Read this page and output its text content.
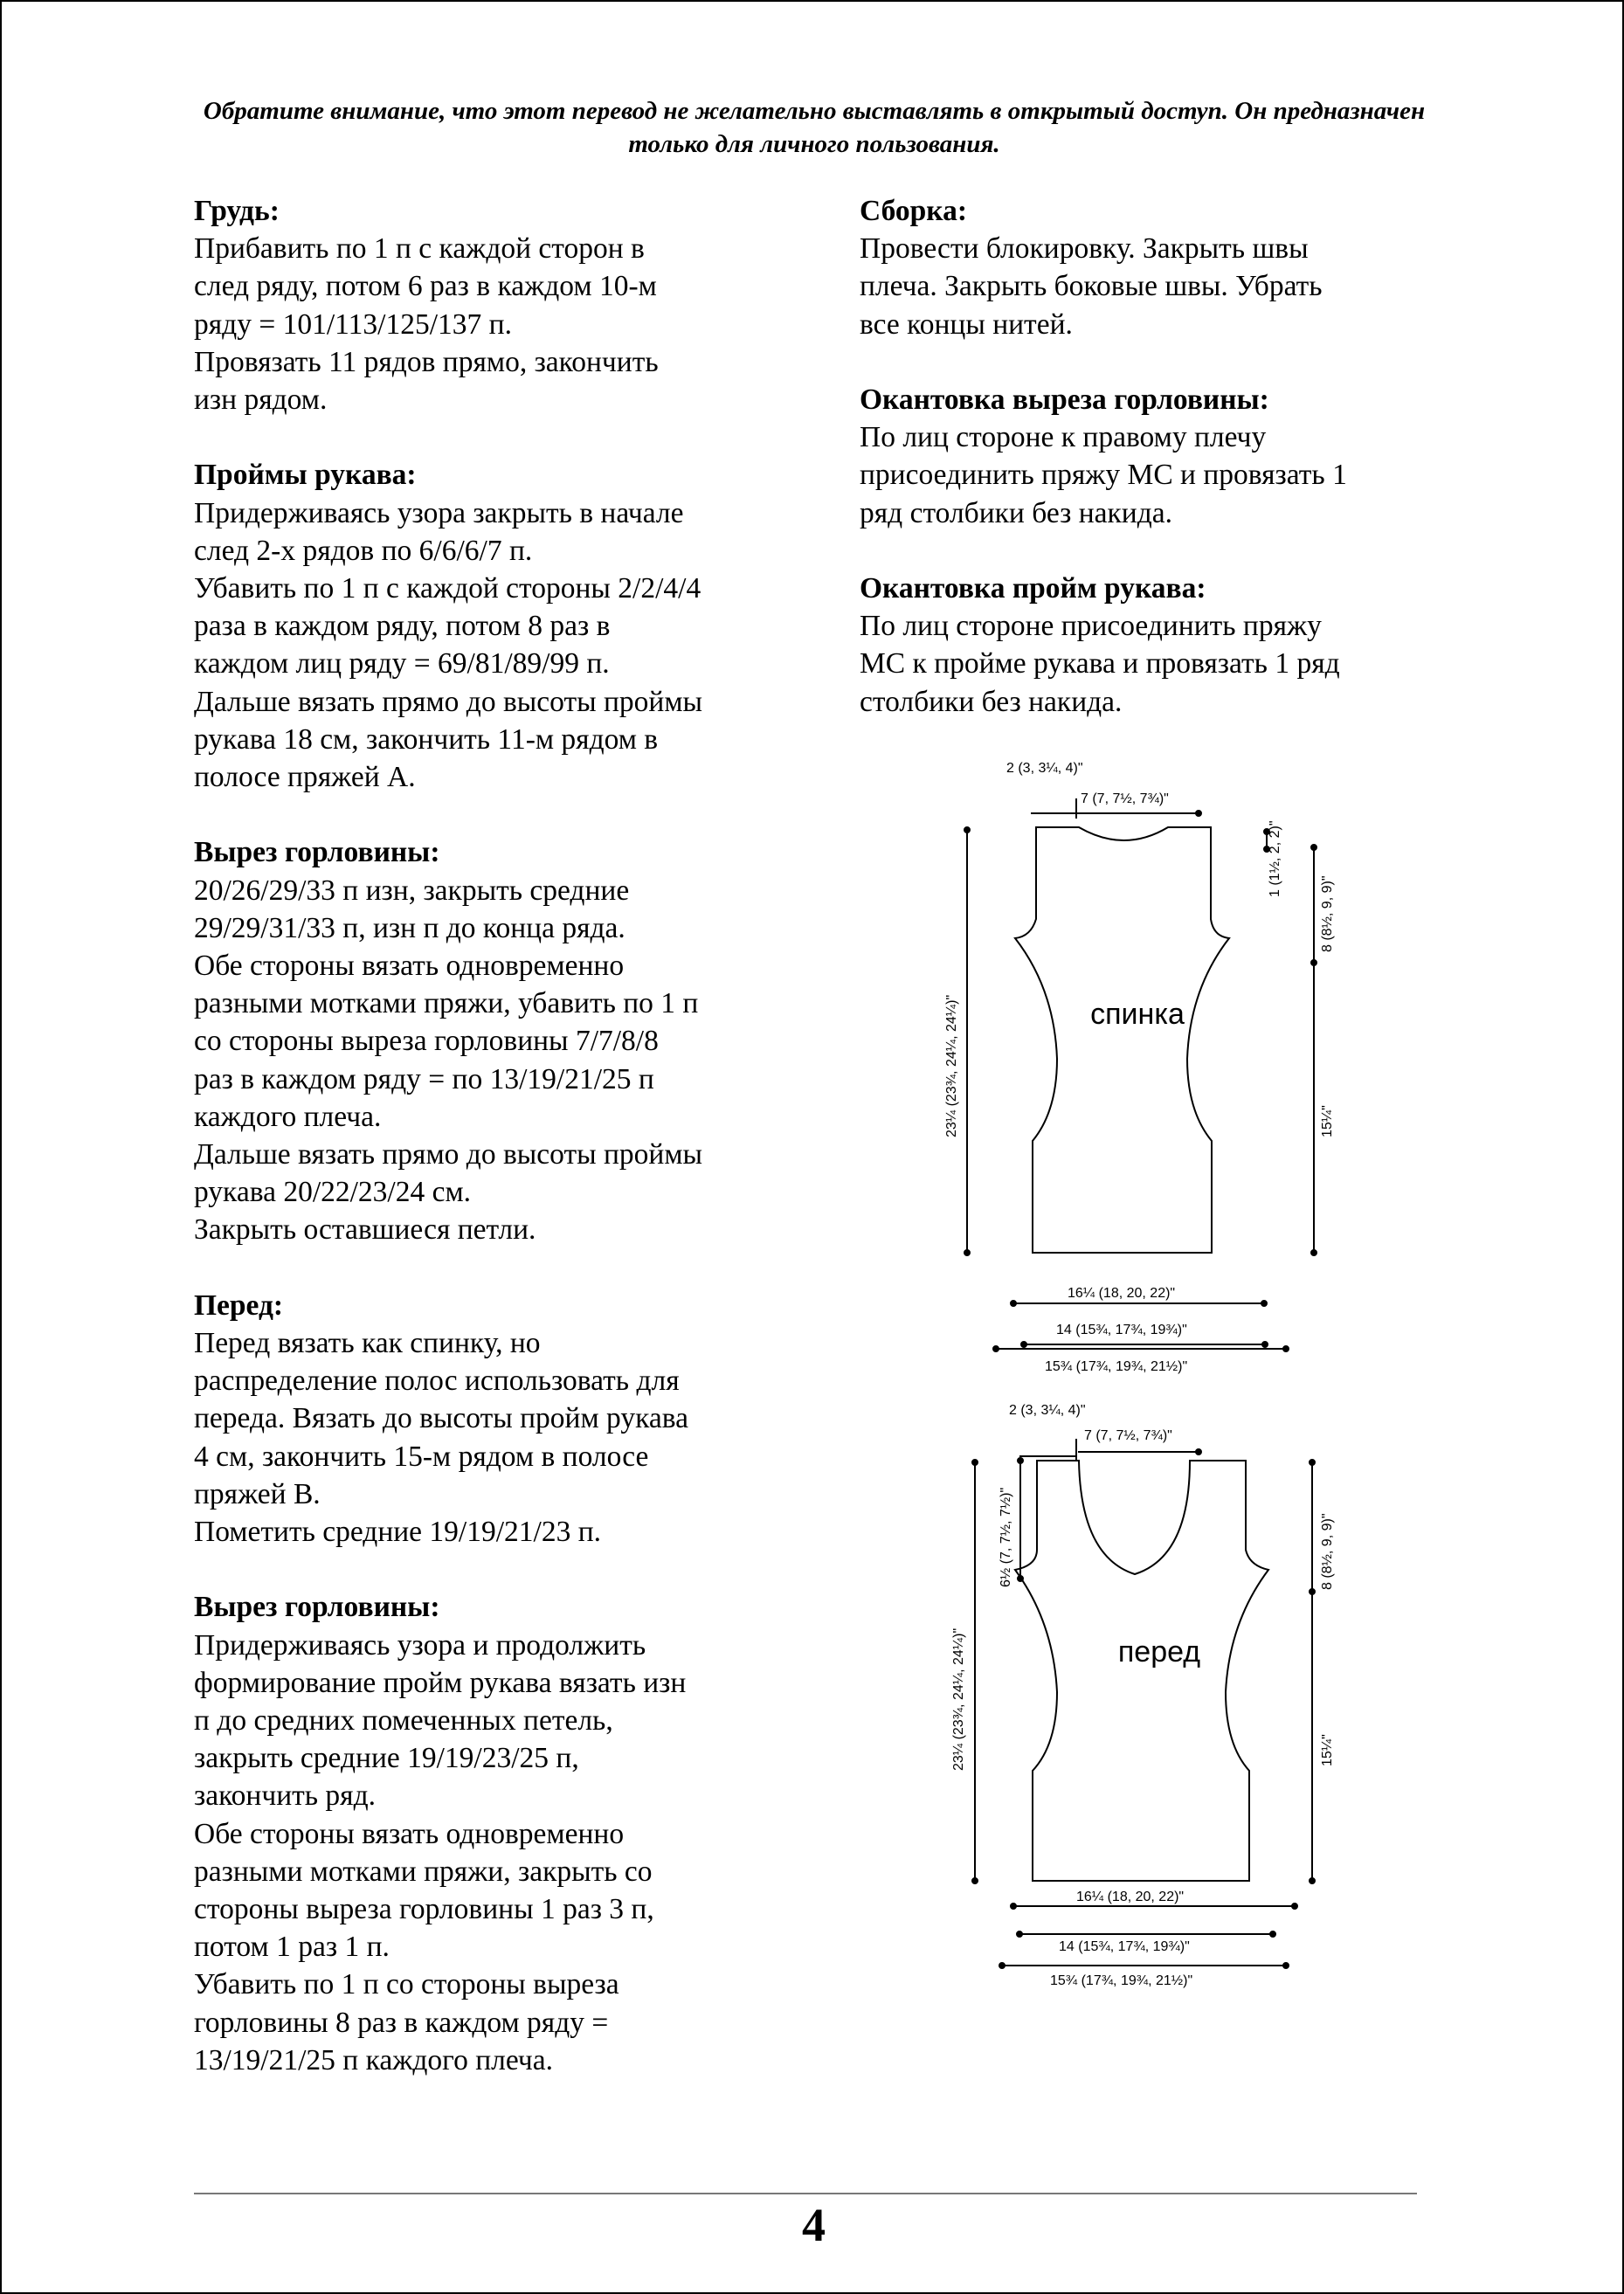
Обратите внимание, что этот перевод не желательно выставлять в открытый доступ. Он предназначен только для личного пользования.
Грудь:

Прибавить по 1 п с каждой сторон в

след ряду, потом 6 раз в каждом 10-м

ряду = 101/113/125/137 п.

Провязать 11 рядов прямо, закончить

изн рядом.

Проймы рукава:

Придерживаясь узора закрыть в начале

след 2-х рядов по 6/6/6/7 п.

Убавить по 1 п с каждой стороны 2/2/4/4

раза в каждом ряду, потом 8 раз в

каждом лиц ряду = 69/81/89/99 п.

Дальше вязать прямо до высоты проймы

рукава 18 см, закончить 11-м рядом в

полосе пряжей А.

Вырез горловины:

20/26/29/33 п изн, закрыть средние

29/29/31/33 п, изн п до конца ряда.

Обе стороны вязать одновременно

разными мотками пряжи, убавить по 1 п

со стороны выреза горловины 7/7/8/8

раз в каждом ряду = по 13/19/21/25 п

каждого плеча.

Дальше вязать прямо до высоты проймы

рукава 20/22/23/24 см.

Закрыть оставшиеся петли.

Перед:

Перед вязать как спинку, но

распределение полос использовать для

переда. Вязать до высоты пройм рукава

4 см, закончить 15-м рядом в полосе

пряжей В.

Пометить средние 19/19/21/23 п.

Вырез горловины:

Придерживаясь узора и продолжить

формирование пройм рукава вязать изн

п до средних помеченных петель,

закрыть средние 19/19/23/25 п,

закончить ряд.

Обе стороны вязать одновременно

разными мотками пряжи, закрыть со

стороны выреза горловины 1 раз 3 п,

потом 1 раз 1 п.

Убавить по 1 п со стороны выреза

горловины 8 раз в каждом ряду =

13/19/21/25 п каждого плеча.

Сборка:

Провести блокировку. Закрыть швы

плеча. Закрыть боковые швы. Убрать

все концы нитей.

Окантовка выреза горловины:

По лиц стороне к правому плечу

присоединить пряжу МС и провязать 1

ряд столбики без накида.

Окантовка пройм рукава:

По лиц стороне присоединить пряжу

МС к пройме рукава и провязать 1 ряд

столбики без накида.

спинка
2 (3, 3¼, 4)"
7 (7, 7½, 7¾)"
1 (1½, 2, 2)"
8 (8½, 9, 9)"
15¼"
23¼ (23¾, 24¼, 24¼)"
16¼ (18, 20, 22)"
14 (15¾, 17¾, 19¾)"
15¾ (17¾, 19¾, 21½)"
перед
2 (3, 3¼, 4)"
7 (7, 7½, 7¾)"
6½ (7, 7½, 7½)"	8 (8½, 9, 9)"
15¼"
23¼ (23¾, 24¼, 24¼)"
16¼ (18, 20, 22)"
14 (15¾, 17¾, 19¾)"
15¾ (17¾, 19¾, 21½)"
4
